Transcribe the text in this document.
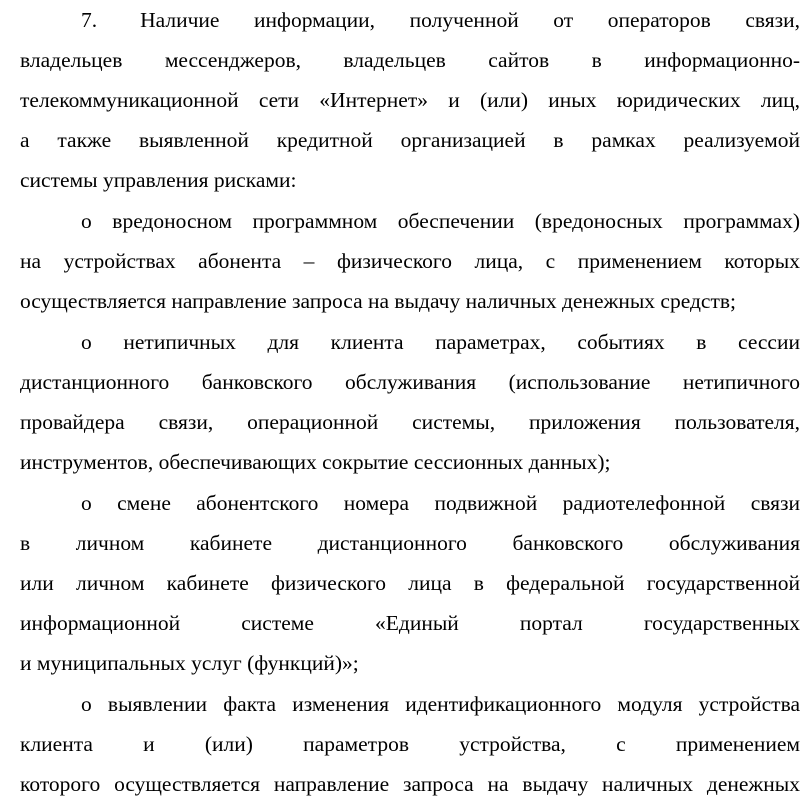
7.  Наличие информации, полученной от операторов связи,
владельцев мессенджеров, владельцев сайтов в информационно-
телекоммуникационной сети «Интернет» и (или) иных юридических лиц,
а также выявленной кредитной организацией в рамках реализуемой
системы управления рисками:
о вредоносном программном обеспечении (вредоносных программах)
на устройствах абонента – физического лица, с применением которых
осуществляется направление запроса на выдачу наличных денежных средств;
о нетипичных для клиента параметрах, событиях в сессии
дистанционного банковского обслуживания (использование нетипичного
провайдера связи, операционной системы, приложения пользователя,
инструментов, обеспечивающих сокрытие сессионных данных);
о смене абонентского номера подвижной радиотелефонной связи
в личном кабинете дистанционного банковского обслуживания
или личном кабинете физического лица в федеральной государственной
информационной системе «Единый портал государственных
и муниципальных услуг (функций)»;
о выявлении факта изменения идентификационного модуля устройства
клиента и (или) параметров устройства, с применением
которого осуществляется направление запроса на выдачу наличных денежных
